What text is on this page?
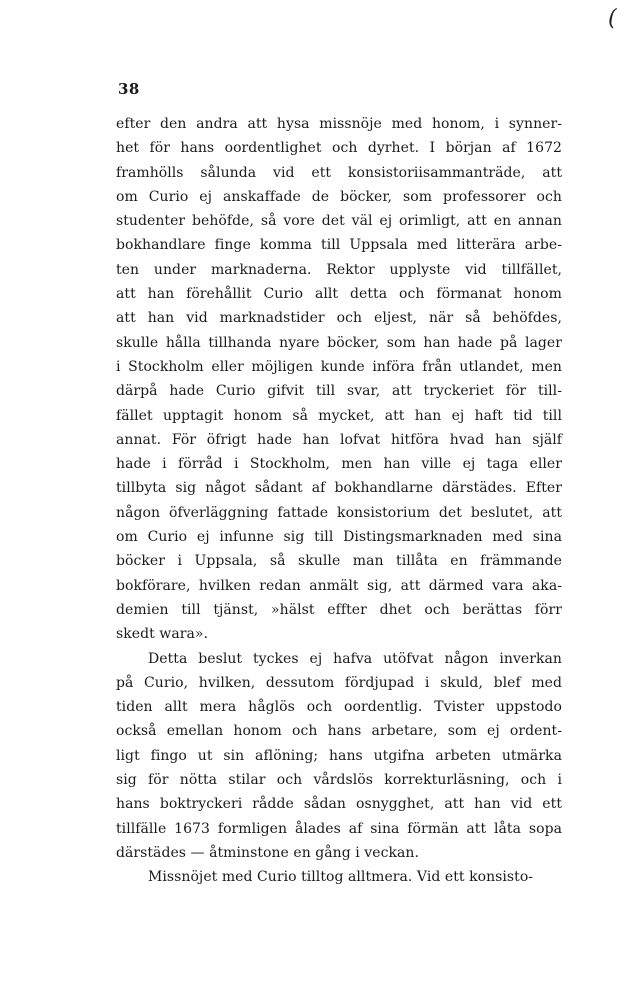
(
38
efter den andra att hysa missnöje med honom, i synner-
het för hans oordentlighet och dyrhet. I början af 1672
framhölls sålunda vid ett konsistoriisammanträde, att
om Curio ej anskaffade de böcker, som professorer och
studenter behöfde, så vore det väl ej orimligt, att en annan
bokhandlare finge komma till Uppsala med litterära arbe-
ten under marknaderna. Rektor upplyste vid tillfället,
att han förehållit Curio allt detta och förmanat honom
att han vid marknadstider och eljest, när så behöfdes,
skulle hålla tillhanda nyare böcker, som han hade på lager
i Stockholm eller möjligen kunde införa från utlandet, men
därpå hade Curio gifvit till svar, att tryckeriet för till-
fället upptagit honom så mycket, att han ej haft tid till
annat. För öfrigt hade han lofvat hitföra hvad han själf
hade i förråd i Stockholm, men han ville ej taga eller
tillbyta sig något sådant af bokhandlarne därstädes. Efter
någon öfverläggning fattade konsistorium det beslutet, att
om Curio ej infunne sig till Distingsmarknaden med sina
böcker i Uppsala, så skulle man tillåta en främmande
bokförare, hvilken redan anmält sig, att därmed vara aka-
demien till tjänst, »hälst effter dhet och berättas förr
skedt wara».
Detta beslut tyckes ej hafva utöfvat någon inverkan
på Curio, hvilken, dessutom fördjupad i skuld, blef med
tiden allt mera håglös och oordentlig. Tvister uppstodo
också emellan honom och hans arbetare, som ej ordent-
ligt fingo ut sin aflöning; hans utgifna arbeten utmärka
sig för nötta stilar och vårdslös korrekturläsning, och i
hans boktryckeri rådde sådan osnygghet, att han vid ett
tillfälle 1673 formligen ålades af sina förmän att låta sopa
därstädes — åtminstone en gång i veckan.
Missnöjet med Curio tilltog alltmera. Vid ett konsisto-
